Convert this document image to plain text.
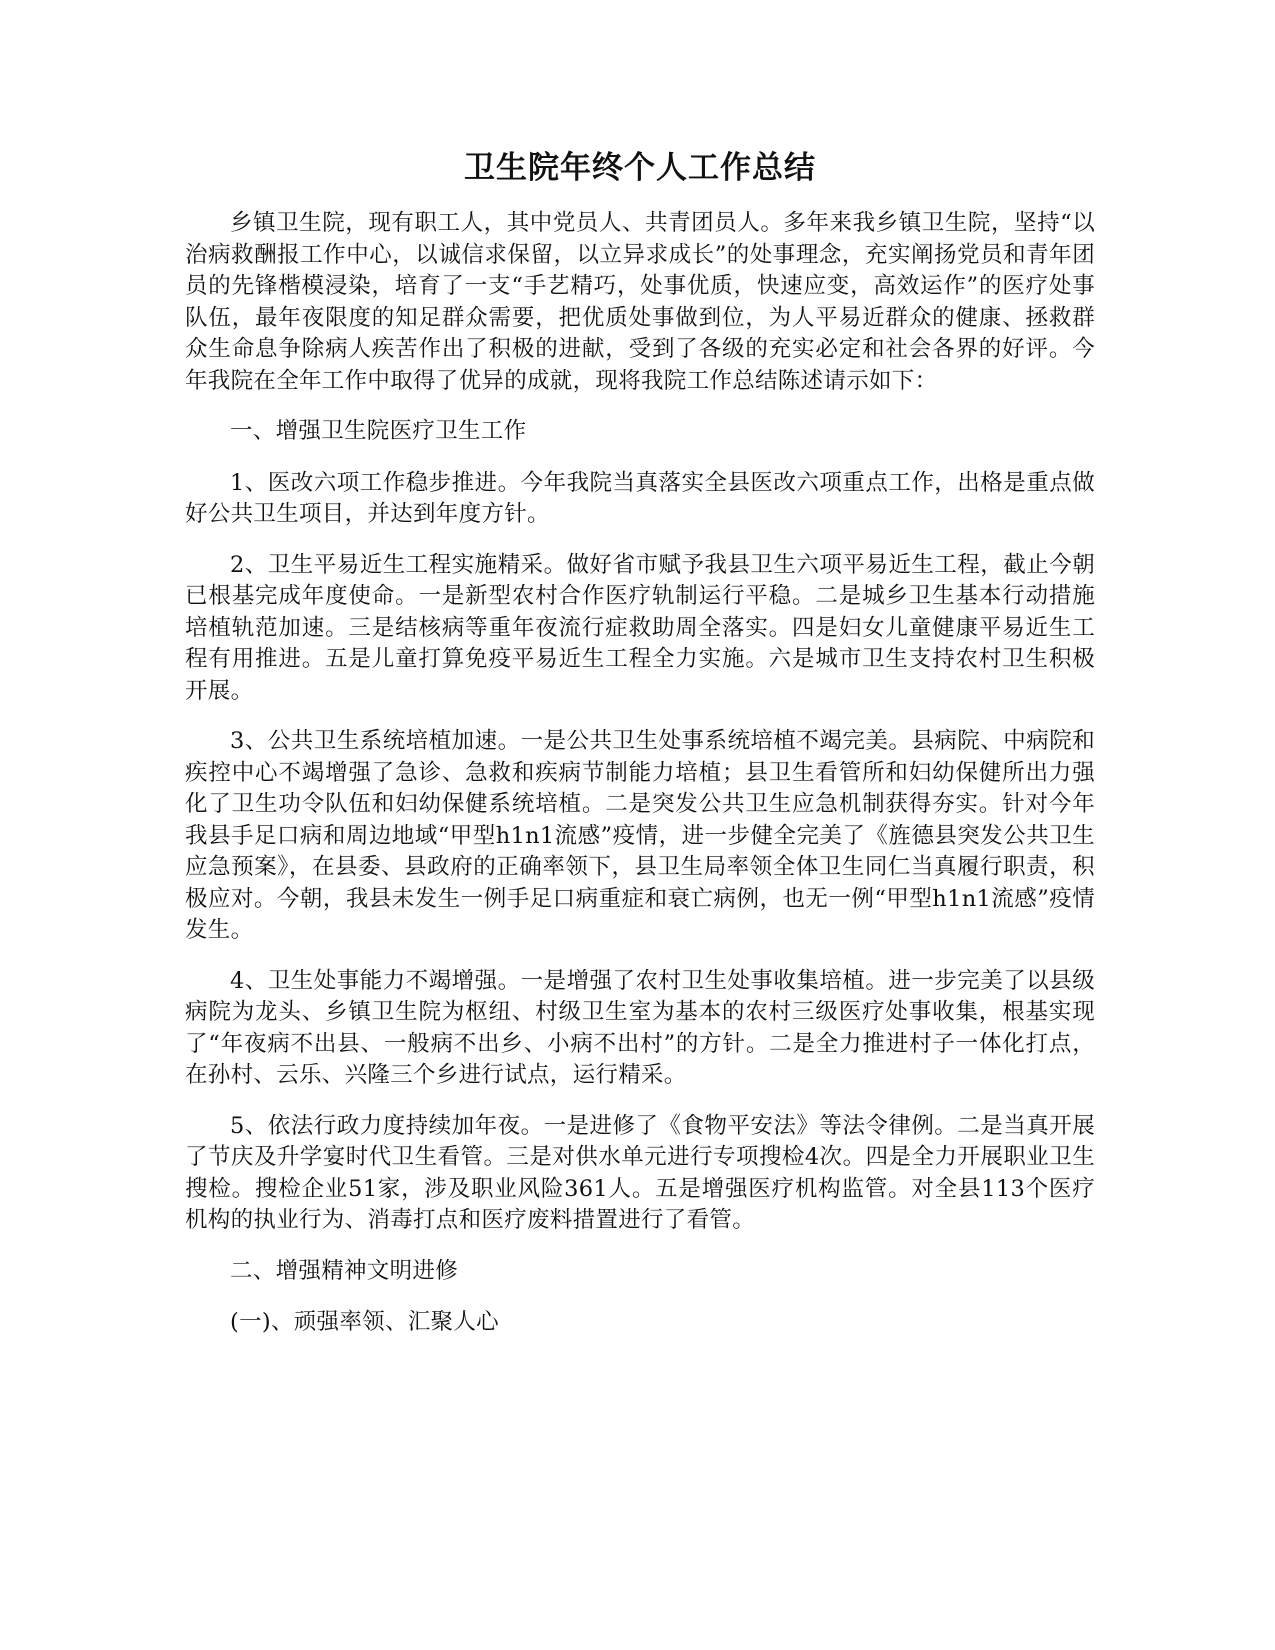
卫生院年终个人工作总结

乡镇卫生院，现有职工人，其中党员人、共青团员人。多年来我乡镇卫生院，坚持“以治病救酬报工作中心，以诚信求保留，以立异求成长”的处事理念，充实阐扬党员和青年团员的先锋楷模浸染，培育了一支“手艺精巧，处事优质，快速应变，高效运作”的医疗处事队伍，最年夜限度的知足群众需要，把优质处事做到位，为人平易近群众的健康、拯救群众生命息争除病人疾苦作出了积极的进献，受到了各级的充实必定和社会各界的好评。今年我院在全年工作中取得了优异的成就，现将我院工作总结陈述请示如下：

一、增强卫生院医疗卫生工作

1、医改六项工作稳步推进。今年我院当真落实全县医改六项重点工作，出格是重点做好公共卫生项目，并达到年度方针。

2、卫生平易近生工程实施精采。做好省市赋予我县卫生六项平易近生工程，截止今朝已根基完成年度使命。一是新型农村合作医疗轨制运行平稳。二是城乡卫生基本行动措施培植轨范加速。三是结核病等重年夜流行症救助周全落实。四是妇女儿童健康平易近生工程有用推进。五是儿童打算免疫平易近生工程全力实施。六是城市卫生支持农村卫生积极开展。

3、公共卫生系统培植加速。一是公共卫生处事系统培植不竭完美。县病院、中病院和疾控中心不竭增强了急诊、急救和疾病节制能力培植；县卫生看管所和妇幼保健所出力强化了卫生功令队伍和妇幼保健系统培植。二是突发公共卫生应急机制获得夯实。针对今年我县手足口病和周边地域“甲型h1n1流感”疫情，进一步健全完美了《旌德县突发公共卫生应急预案》，在县委、县政府的正确率领下，县卫生局率领全体卫生同仁当真履行职责，积极应对。今朝，我县未发生一例手足口病重症和衰亡病例，也无一例“甲型h1n1流感”疫情发生。

4、卫生处事能力不竭增强。一是增强了农村卫生处事收集培植。进一步完美了以县级病院为龙头、乡镇卫生院为枢纽、村级卫生室为基本的农村三级医疗处事收集，根基实现了“年夜病不出县、一般病不出乡、小病不出村”的方针。二是全力推进村子一体化打点，在孙村、云乐、兴隆三个乡进行试点，运行精采。

5、依法行政力度持续加年夜。一是进修了《食物平安法》等法令律例。二是当真开展了节庆及升学宴时代卫生看管。三是对供水单元进行专项搜检4次。四是全力开展职业卫生搜检。搜检企业51家，涉及职业风险361人。五是增强医疗机构监管。对全县113个医疗机构的执业行为、消毒打点和医疗废料措置进行了看管。

二、增强精神文明进修

(一)、顽强率领、汇聚人心
